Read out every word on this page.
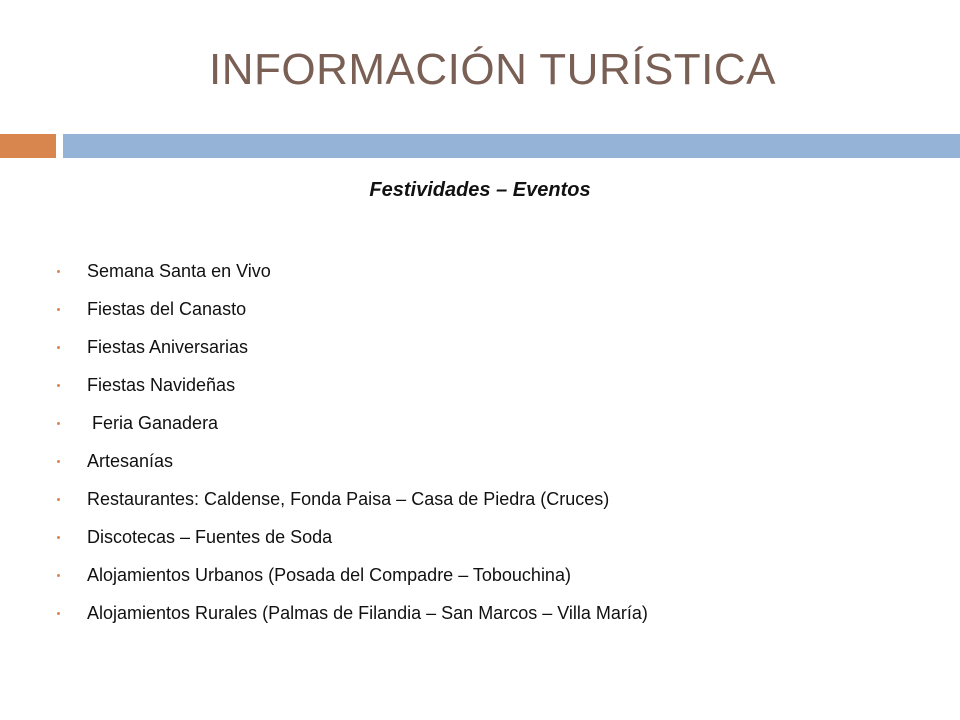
INFORMACIÓN TURÍSTICA
Festividades – Eventos
Semana Santa en Vivo
Fiestas del Canasto
Fiestas Aniversarias
Fiestas Navideñas
Feria Ganadera
Artesanías
Restaurantes: Caldense, Fonda Paisa – Casa de Piedra (Cruces)
Discotecas – Fuentes de Soda
Alojamientos Urbanos (Posada del Compadre – Tobouchina)
Alojamientos Rurales (Palmas de Filandia – San Marcos – Villa María)
